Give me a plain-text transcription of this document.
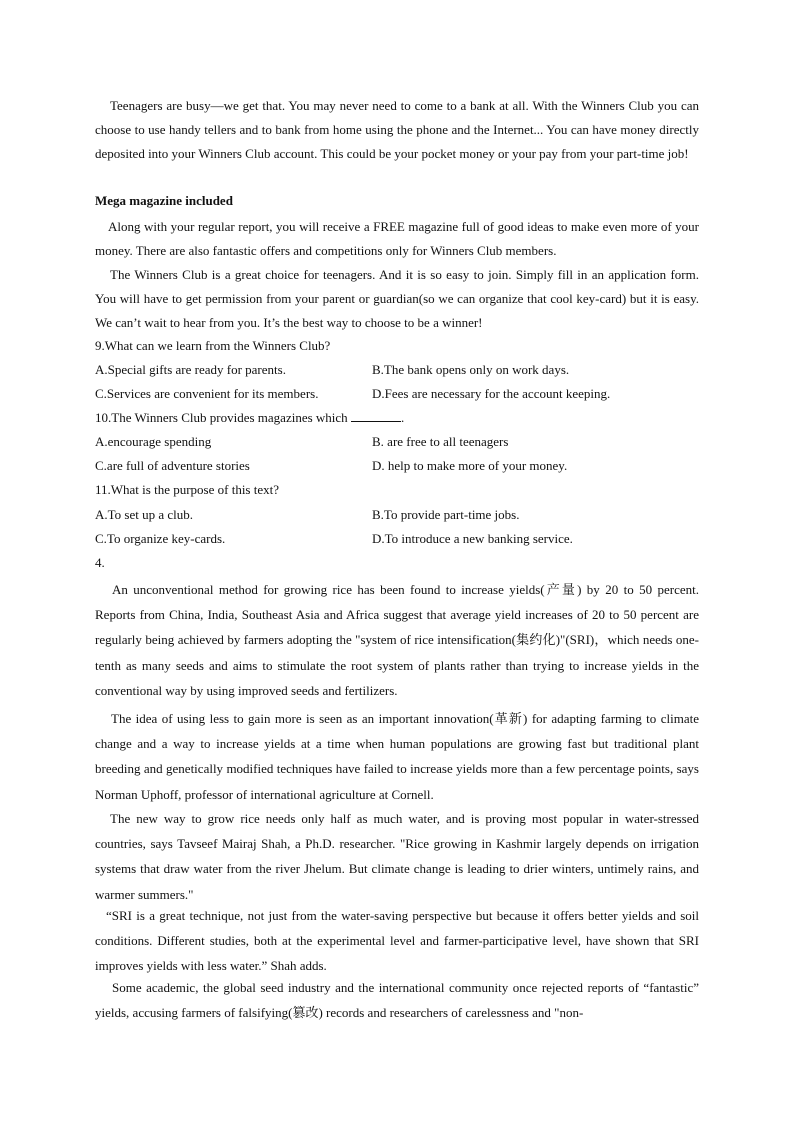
Teenagers are busy—we get that. You may never need to come to a bank at all. With the Winners Club you can choose to use handy tellers and to bank from home using the phone and the Internet... You can have money directly deposited into your Winners Club account. This could be your pocket money or your pay from your part-time job!

Mega magazine included

Along with your regular report, you will receive a FREE magazine full of good ideas to make even more of your money. There are also fantastic offers and competitions only for Winners Club members.

The Winners Club is a great choice for teenagers. And it is so easy to join. Simply fill in an application form. You will have to get permission from your parent or guardian(so we can organize that cool key-card) but it is easy. We can’t wait to hear from you. It’s the best way to choose to be a winner!

9.What can we learn from the Winners Club?

A.Special gifts are ready for parents.	B.The bank opens only on work days.

C.Services are convenient for its members.	D.Fees are necessary for the account keeping.

10.The Winners Club provides magazines which	.

A.encourage spending	B. are free to all teenagers

C.are full of adventure stories	D. help to make more of your money.

11.What is the purpose of this text?

A.To set up a club.	B.To provide part-time jobs.

C.To organize key-cards.	D.To introduce a new banking service.

4.

An unconventional method for growing rice has been found to increase yields(产量) by 20 to 50 percent. Reports from China, India, Southeast Asia and Africa suggest that average yield increases of 20 to 50 percent are regularly being achieved by farmers adopting the "system of rice intensification(集约化)"(SRI)，which needs one-tenth as many seeds and aims to stimulate the root system of plants rather than trying to increase yields in the conventional way by using improved seeds and fertilizers.

The idea of using less to gain more is seen as an important innovation(革新) for adapting farming to climate change and a way to increase yields at a time when human populations are growing fast but traditional plant breeding and genetically modified techniques have failed to increase yields more than a few percentage points, says Norman Uphoff, professor of international agriculture at Cornell.

The new way to grow rice needs only half as much water, and is proving most popular in water-stressed countries, says Tavseef Mairaj Shah, a Ph.D. researcher. "Rice growing in Kashmir largely depends on irrigation systems that draw water from the river Jhelum. But climate change is leading to drier winters, untimely rains, and warmer summers."

“SRI is a great technique, not just from the water-saving perspective but because it offers better yields and soil conditions. Different studies, both at the experimental level and farmer-participative level, have shown that SRI improves yields with less water.” Shah adds.

Some academic, the global seed industry and the international community once rejected reports of “fantastic” yields, accusing farmers of falsifying(篡改) records and researchers of carelessness and "non-
